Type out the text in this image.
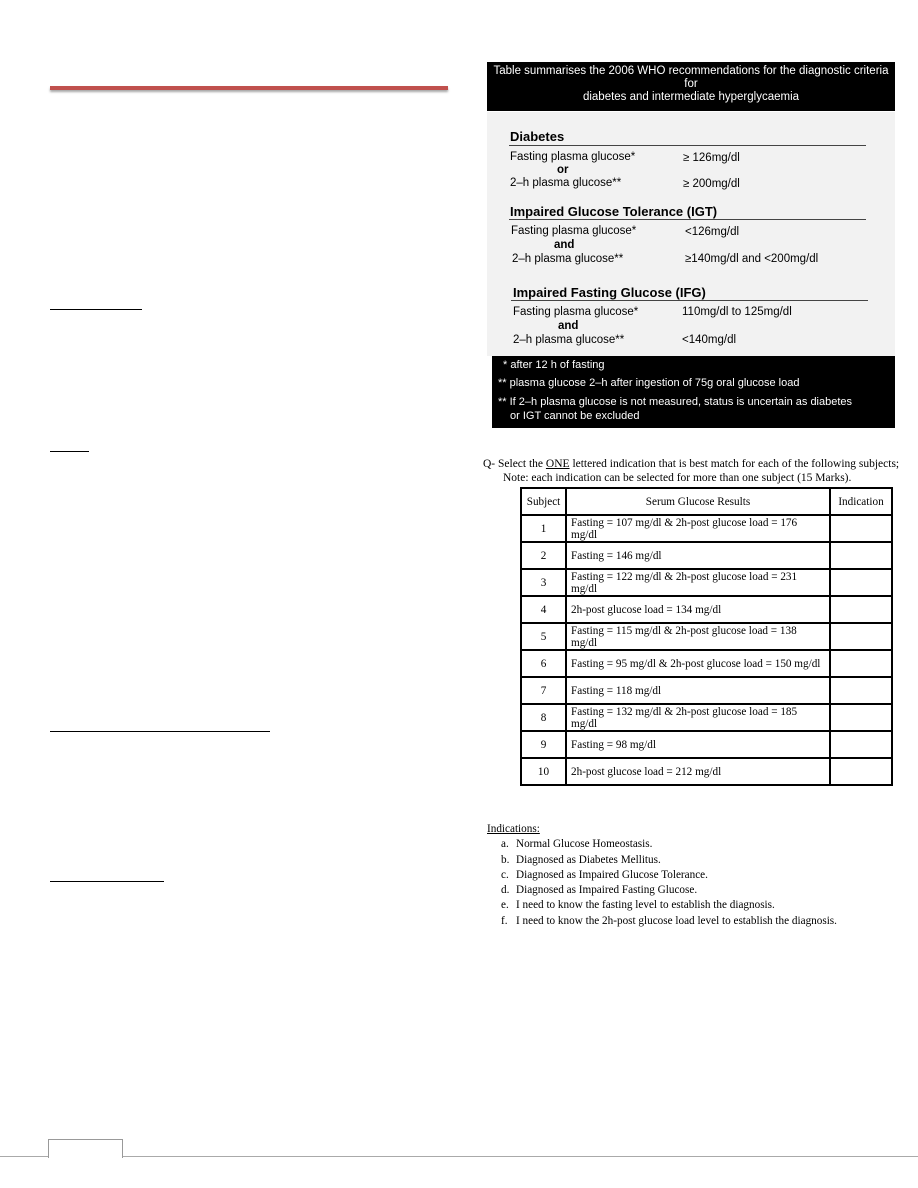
Table summarises the 2006 WHO recommendations for the diagnostic criteria
for
diabetes and intermediate hyperglycaemia
Diabetes
Fasting plasma glucose*	≥ 126mg/dl
or
2–h plasma glucose**	≥ 200mg/dl
Impaired Glucose Tolerance (IGT)
Fasting plasma glucose*	<126mg/dl
and
2–h plasma glucose**	≥140mg/dl and <200mg/dl
Impaired Fasting Glucose (IFG)
Fasting plasma glucose*	110mg/dl to 125mg/dl
and
2–h plasma glucose**	<140mg/dl
* after 12 h of fasting
** plasma glucose 2–h after ingestion of 75g oral glucose load
** If 2–h plasma glucose is not measured, status is uncertain as diabetes
or IGT cannot be excluded
Q- Select the ONE lettered indication that is best match for each of the following subjects;
Note: each indication can be selected for more than one subject (15 Marks).
Subject	Serum Glucose Results	Indication
1	Fasting = 107 mg/dl & 2h-post glucose load = 176 mg/dl	
2	Fasting = 146 mg/dl	
3	Fasting = 122 mg/dl & 2h-post glucose load = 231 mg/dl	
4	2h-post glucose load = 134 mg/dl	
5	Fasting = 115 mg/dl & 2h-post glucose load = 138 mg/dl	
6	Fasting = 95 mg/dl & 2h-post glucose load = 150 mg/dl	
7	Fasting = 118 mg/dl	
8	Fasting = 132 mg/dl & 2h-post glucose load = 185 mg/dl	
9	Fasting = 98 mg/dl	
10	2h-post glucose load = 212 mg/dl	
Indications:
a. Normal Glucose Homeostasis.
b. Diagnosed as Diabetes Mellitus.
c. Diagnosed as Impaired Glucose Tolerance.
d. Diagnosed as Impaired Fasting Glucose.
e. I need to know the fasting level to establish the diagnosis.
f. I need to know the 2h-post glucose load level to establish the diagnosis.
